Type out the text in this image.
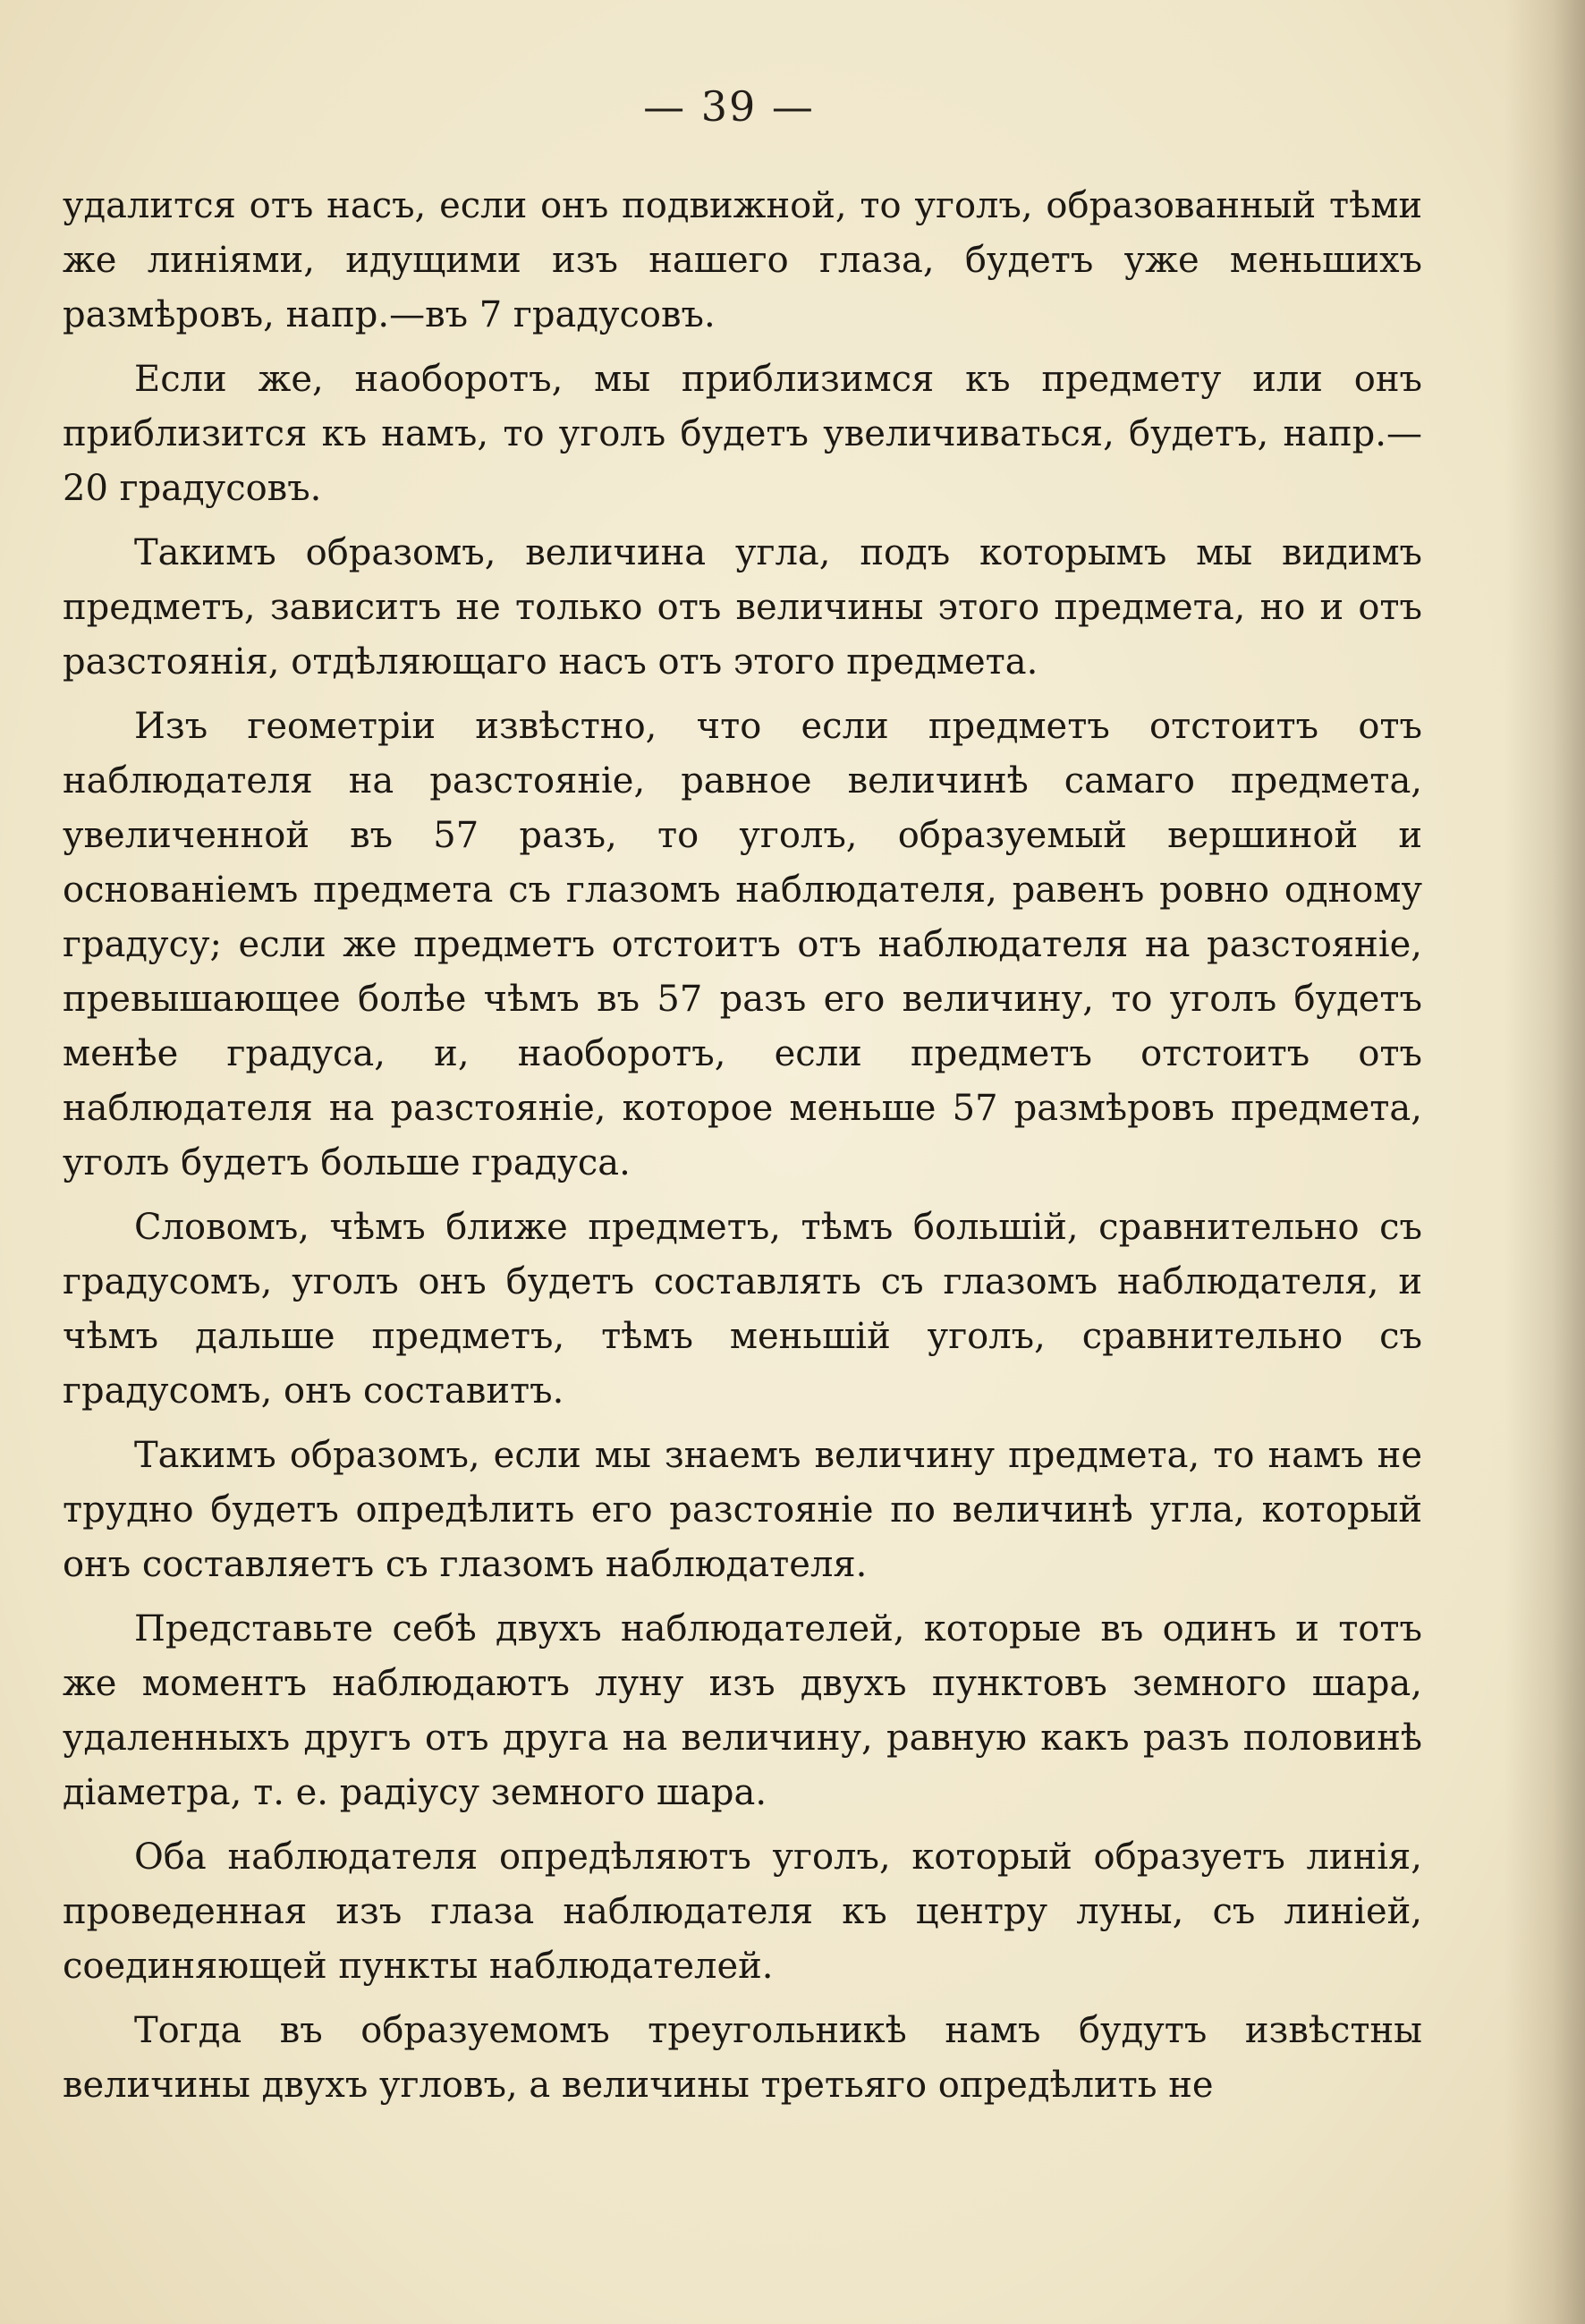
— 39 —

удалится отъ насъ, если онъ подвижной, то уголъ, образованный тѣми же линіями, идущими изъ нашего глаза, будетъ уже меньшихъ размѣровъ, напр.—въ 7 градусовъ.

Если же, наоборотъ, мы приблизимся къ предмету или онъ приблизится къ намъ, то уголъ будетъ увеличиваться, будетъ, напр.—20 градусовъ.

Такимъ образомъ, величина угла, подъ которымъ мы видимъ предметъ, зависитъ не только отъ величины этого предмета, но и отъ разстоянія, отдѣляющаго насъ отъ этого предмета.

Изъ геометріи извѣстно, что если предметъ отстоитъ отъ наблюдателя на разстояніе, равное величинѣ самаго предмета, увеличенной въ 57 разъ, то уголъ, образуемый вершиной и основаніемъ предмета съ глазомъ наблюдателя, равенъ ровно одному градусу; если же предметъ отстоитъ отъ наблюдателя на разстояніе, превышающее болѣе чѣмъ въ 57 разъ его величину, то уголъ будетъ менѣе градуса, и, наоборотъ, если предметъ отстоитъ отъ наблюдателя на разстояніе, которое меньше 57 размѣровъ предмета, уголъ будетъ больше градуса.

Словомъ, чѣмъ ближе предметъ, тѣмъ большій, сравнительно съ градусомъ, уголъ онъ будетъ составлять съ глазомъ наблюдателя, и чѣмъ дальше предметъ, тѣмъ меньшій уголъ, сравнительно съ градусомъ, онъ составитъ.

Такимъ образомъ, если мы знаемъ величину предмета, то намъ не трудно будетъ опредѣлить его разстояніе по величинѣ угла, который онъ составляетъ съ глазомъ наблюдателя.

Представьте себѣ двухъ наблюдателей, которые въ одинъ и тотъ же моментъ наблюдаютъ луну изъ двухъ пунктовъ земного шара, удаленныхъ другъ отъ друга на величину, равную какъ разъ половинѣ діаметра, т. е. радіусу земного шара.

Оба наблюдателя опредѣляютъ уголъ, который образуетъ линія, проведенная изъ глаза наблюдателя къ центру луны, съ линіей, соединяющей пункты наблюдателей.

Тогда въ образуемомъ треугольникѣ намъ будутъ извѣстны величины двухъ угловъ, а величины третьяго опредѣлить не
